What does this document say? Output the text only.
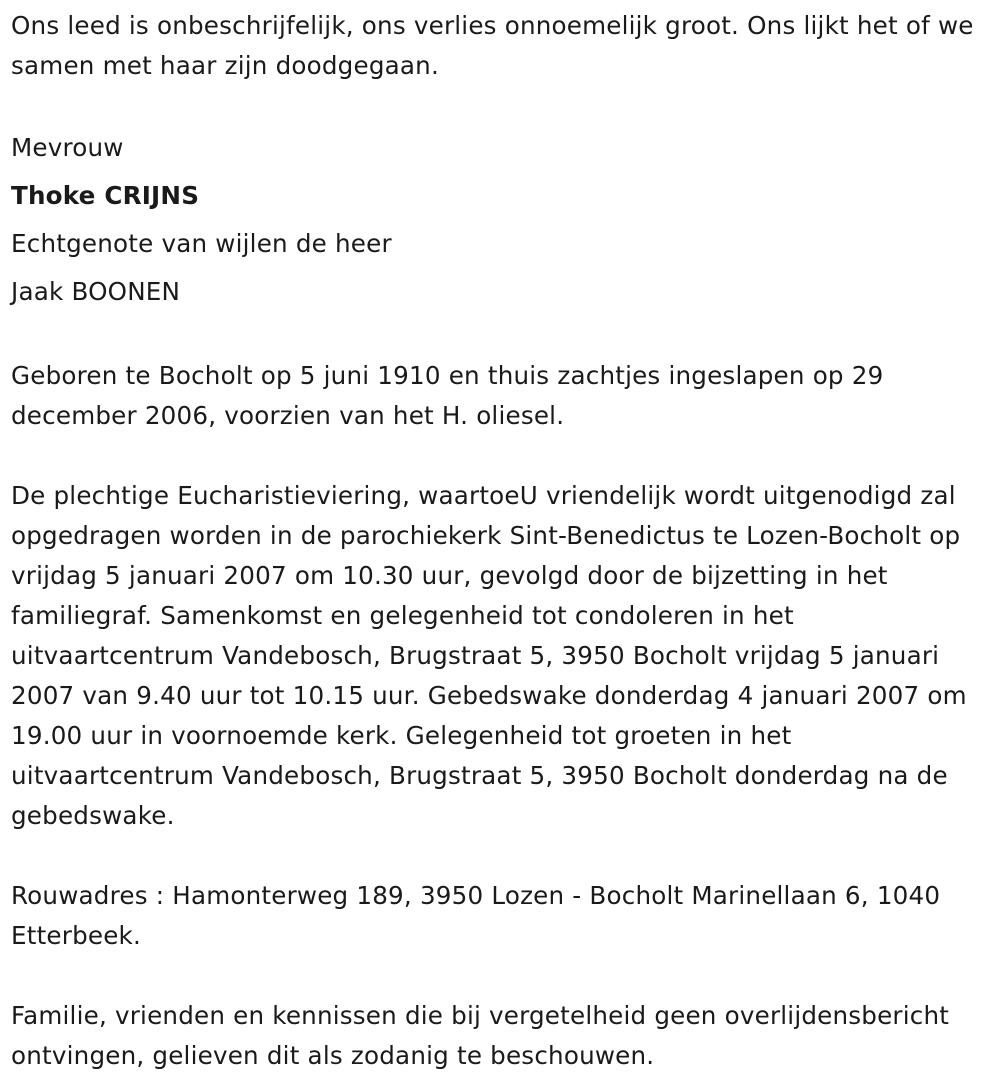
Ons leed is onbeschrijfelijk, ons verlies onnoemelijk groot. Ons lijkt het of we samen met haar zijn doodgegaan.

Mevrouw

Thoke CRIJNS

Echtgenote van wijlen de heer

Jaak BOONEN

Geboren te Bocholt op 5 juni 1910 en thuis zachtjes ingeslapen op 29 december 2006, voorzien van het H. oliesel.

De plechtige Eucharistieviering, waartoeU vriendelijk wordt uitgenodigd zal opgedragen worden in de parochiekerk Sint-Benedictus te Lozen-Bocholt op vrijdag 5 januari 2007 om 10.30 uur, gevolgd door de bijzetting in het familiegraf. Samenkomst en gelegenheid tot condoleren in het uitvaartcentrum Vandebosch, Brugstraat 5, 3950 Bocholt vrijdag 5 januari 2007 van 9.40 uur tot 10.15 uur. Gebedswake donderdag 4 januari 2007 om 19.00 uur in voornoemde kerk. Gelegenheid tot groeten in het uitvaartcentrum Vandebosch, Brugstraat 5, 3950 Bocholt donderdag na de gebedswake.

Rouwadres : Hamonterweg 189, 3950 Lozen - Bocholt Marinellaan 6, 1040 Etterbeek.

Familie, vrienden en kennissen die bij vergetelheid geen overlijdensbericht ontvingen, gelieven dit als zodanig te beschouwen.
